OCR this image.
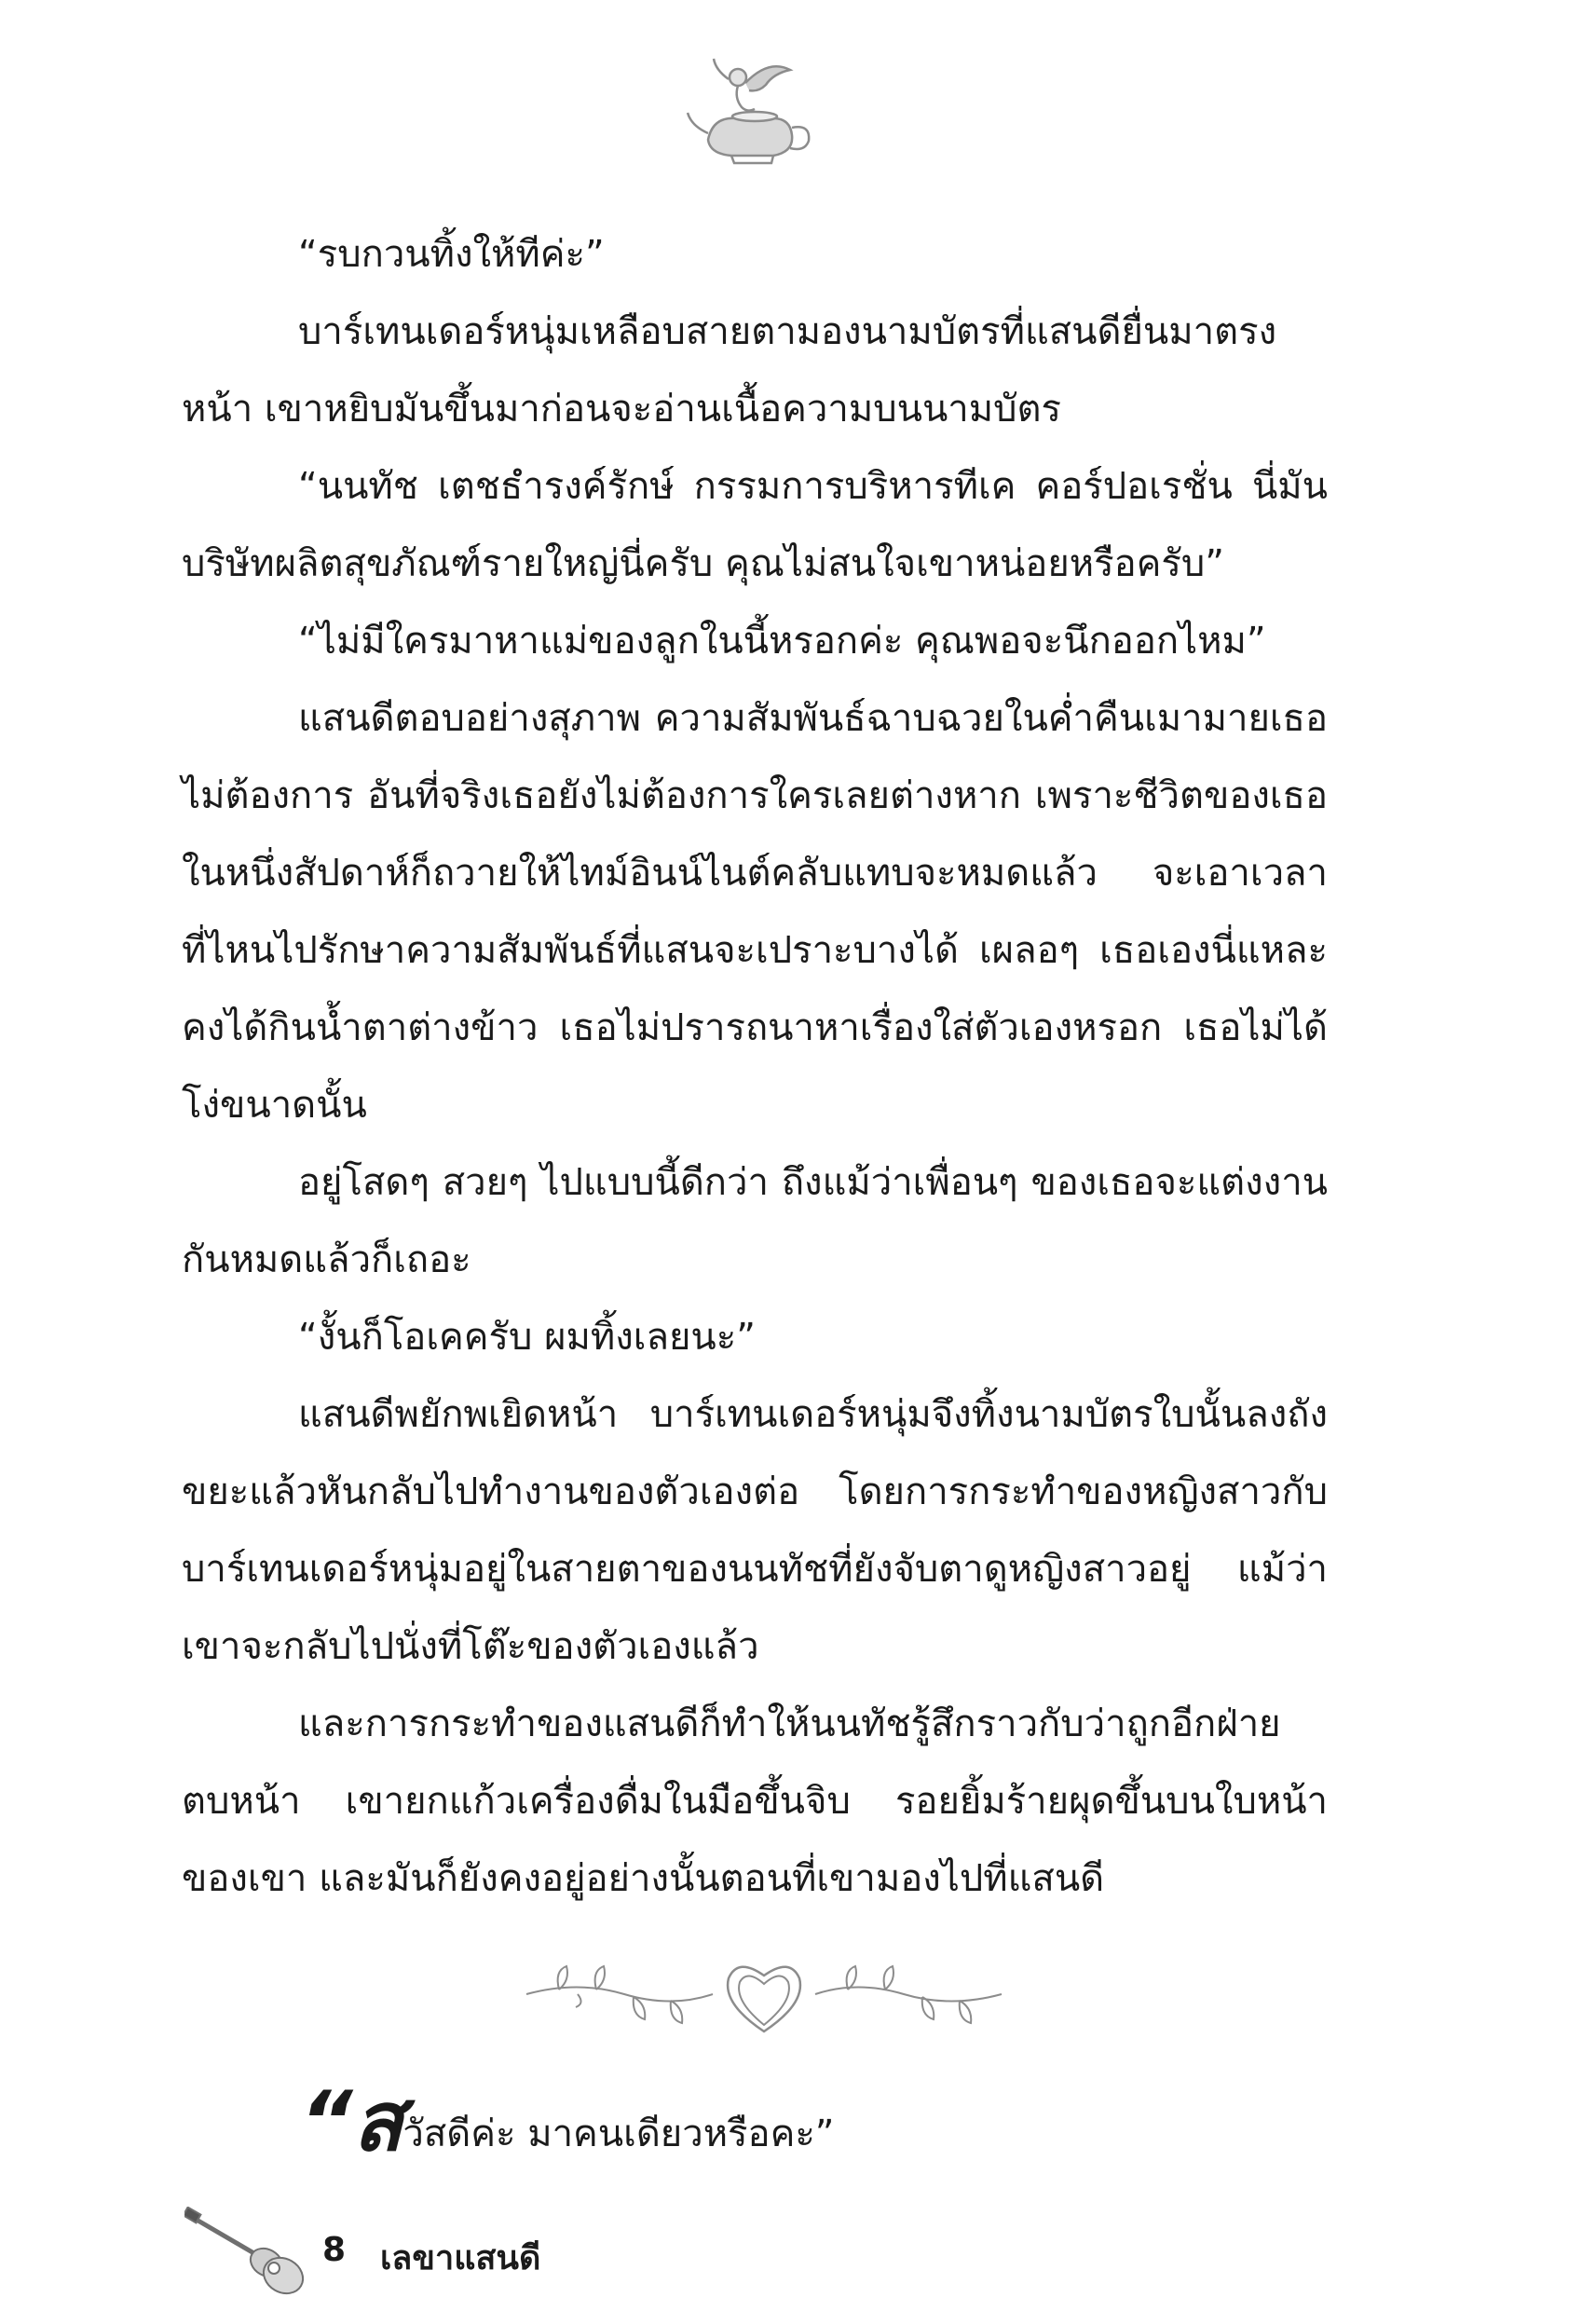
“รบกวนทิ้งให้ทีค่ะ”

บาร์เทนเดอร์หนุ่มเหลือบสายตามองนามบัตรที่แสนดียื่นมาตรงหน้า เขาหยิบมันขึ้นมาก่อนจะอ่านเนื้อความบนนามบัตร

“นนทัช เตชธำรงค์รักษ์ กรรมการบริหารทีเค คอร์ปอเรชั่น นี่มันบริษัทผลิตสุขภัณฑ์รายใหญ่นี่ครับ คุณไม่สนใจเขาหน่อยหรือครับ”

“ไม่มีใครมาหาแม่ของลูกในนี้หรอกค่ะ คุณพอจะนึกออกไหม”

แสนดีตอบอย่างสุภาพ ความสัมพันธ์ฉาบฉวยในค่ำคืนเมามายเธอไม่ต้องการ อันที่จริงเธอยังไม่ต้องการใครเลยต่างหาก เพราะชีวิตของเธอในหนึ่งสัปดาห์ก็ถวายให้ไทม์อินน์ไนต์คลับแทบจะหมดแล้ว จะเอาเวลาที่ไหนไปรักษาความสัมพันธ์ที่แสนจะเปราะบางได้ เผลอๆ เธอเองนี่แหละคงได้กินน้ำตาต่างข้าว เธอไม่ปรารถนาหาเรื่องใส่ตัวเองหรอก เธอไม่ได้โง่ขนาดนั้น

อยู่โสดๆ สวยๆ ไปแบบนี้ดีกว่า ถึงแม้ว่าเพื่อนๆ ของเธอจะแต่งงานกันหมดแล้วก็เถอะ

“งั้นก็โอเคครับ ผมทิ้งเลยนะ”

แสนดีพยักพเยิดหน้า บาร์เทนเดอร์หนุ่มจึงทิ้งนามบัตรใบนั้นลงถังขยะแล้วหันกลับไปทำงานของตัวเองต่อ โดยการกระทำของหญิงสาวกับบาร์เทนเดอร์หนุ่มอยู่ในสายตาของนนทัชที่ยังจับตาดูหญิงสาวอยู่ แม้ว่าเขาจะกลับไปนั่งที่โต๊ะของตัวเองแล้ว

และการกระทำของแสนดีก็ทำให้นนทัชรู้สึกราวกับว่าถูกอีกฝ่ายตบหน้า เขายกแก้วเครื่องดื่มในมือขึ้นจิบ รอยยิ้มร้ายผุดขึ้นบนใบหน้าของเขา และมันก็ยังคงอยู่อย่างนั้นตอนที่เขามองไปที่แสนดี

“สวัสดีค่ะ มาคนเดียวหรือคะ”
8 เลขาแสนดี
